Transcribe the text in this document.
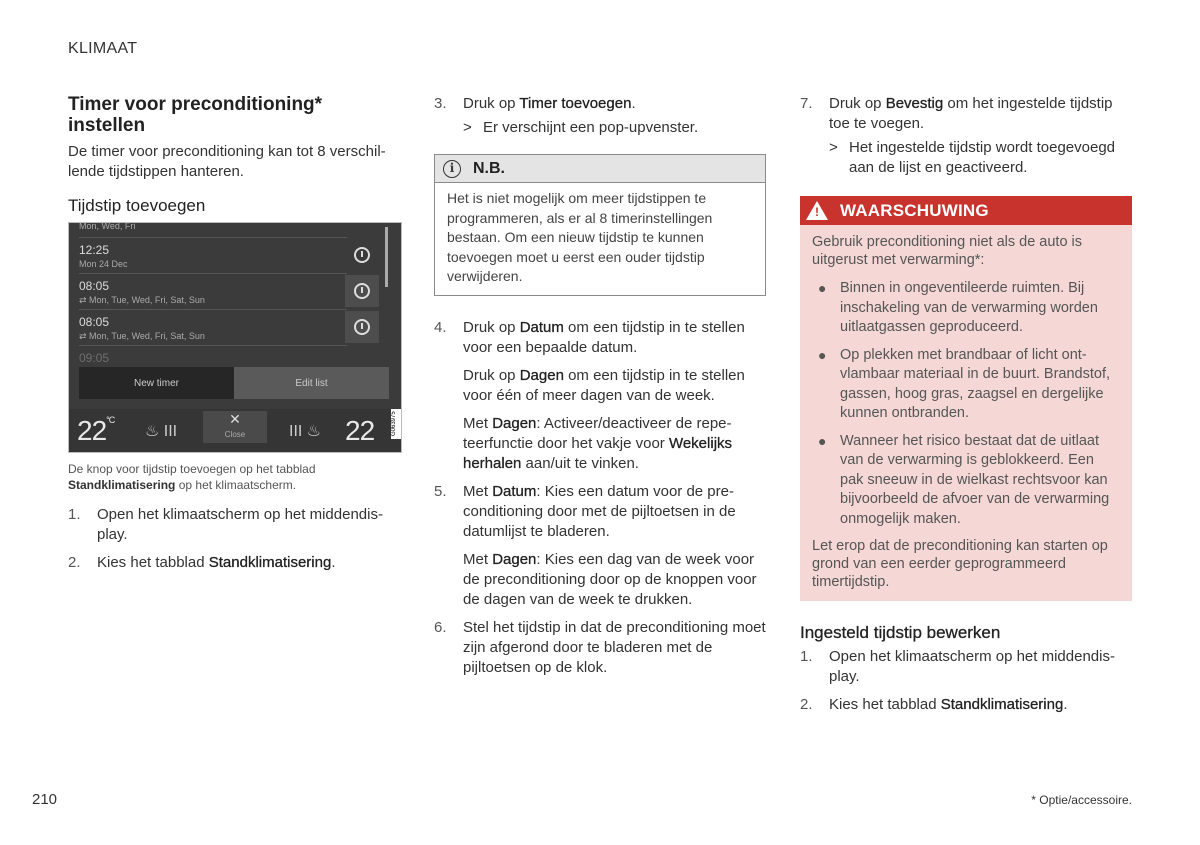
KLIMAAT
Timer voor preconditioning* instellen

De timer voor preconditioning kan tot 8 verschil-lende tijdstippen hanteren.

Tijdstip toevoegen
Mon, Wed, Fri
12:25
Mon 24 Dec
08:05
⇄ Mon, Tue, Wed, Fri, Sat, Sun
08:05
⇄ Mon, Tue, Wed, Fri, Sat, Sun
09:05
New timer	Edit list
$22^{^\circ C}$
♨ III
✕
Close	III ♨ 22	G063975

De knop voor tijdstip toevoegen op het tabblad
Standklimatisering op het klimaatscherm.

1. Open het klimaatscherm op het middendis-play.
2. Kies het tabblad Standklimatisering.
3. Druk op Timer toevoegen.
> Er verschijnt een pop-upvenster.
i	N.B.
Het is niet mogelijk om meer tijdstippen te programmeren, als er al 8 timerinstellingen bestaan. Om een nieuw tijdstip te kunnen toevoegen moet u eerst een ouder tijdstip verwijderen.
4. Druk op Datum om een tijdstip in te stellen voor een bepaalde datum.
Druk op Dagen om een tijdstip in te stellen voor één of meer dagen van de week.
Met Dagen: Activeer/deactiveer de repe-teerfunctie door het vakje voor Wekelijks herhalen aan/uit te vinken.
5. Met Datum: Kies een datum voor de pre-conditioning door met de pijltoetsen in de datumlijst te bladeren.
Met Dagen: Kies een dag van de week voor de preconditioning door op de knoppen voor de dagen van de week te drukken.
6. Stel het tijdstip in dat de preconditioning moet zijn afgerond door te bladeren met de pijltoetsen op de klok.
7. Druk op Bevestig om het ingestelde tijdstip toe te voegen.
> Het ingestelde tijdstip wordt toegevoegd aan de lijst en geactiveerd.
! WAARSCHUWING

Gebruik preconditioning niet als de auto is uitgerust met verwarming*:

● Binnen in ongeventileerde ruimten. Bij inschakeling van de verwarming worden uitlaatgassen geproduceerd.
● Op plekken met brandbaar of licht ont-vlambaar materiaal in de buurt. Brandstof, gassen, hoog gras, zaagsel en dergelijke kunnen ontbranden.
● Wanneer het risico bestaat dat de uitlaat van de verwarming is geblokkeerd. Een pak sneeuw in de wielkast rechtsvoor kan bijvoorbeeld de afvoer van de verwarming onmogelijk maken.

Let erop dat de preconditioning kan starten op grond van een eerder geprogrammeerd timertijdstip.

Ingesteld tijdstip bewerken
1. Open het klimaatscherm op het middendis-play.
2. Kies het tabblad Standklimatisering.
210	* Optie/accessoire.
